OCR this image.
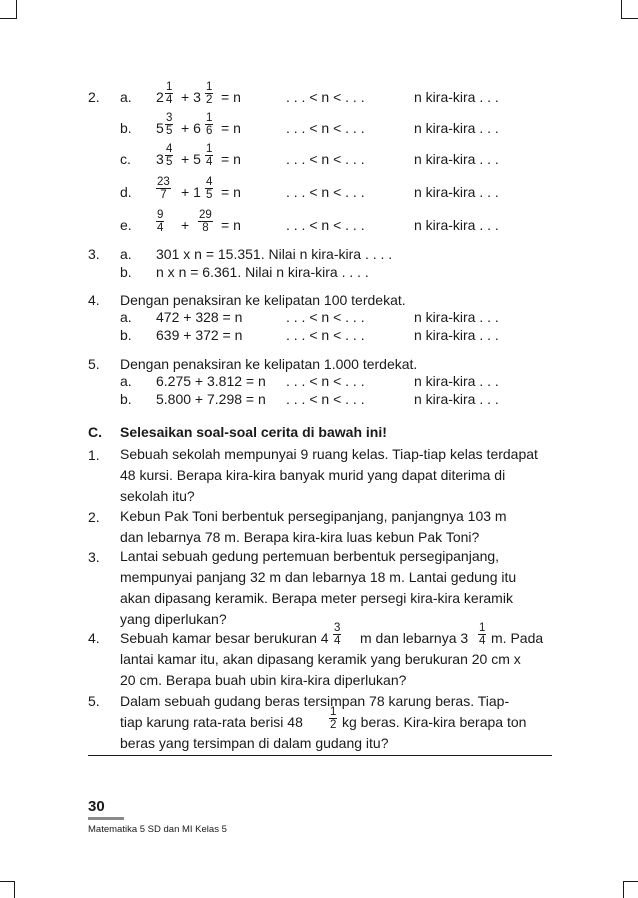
2. a. $2 \frac{1}{4} + 3 \frac{1}{2} = n$	. . . < n < . . .	n kira-kira . . .
b. $5 \frac{3}{5} + 6 \frac{1}{6} = n$	. . . < n < . . .	n kira-kira . . .
c. $3 \frac{4}{5} + 5 \frac{1}{4} = n$	. . . < n < . . .	n kira-kira . . .
d. $\frac{23}{7} + 1 \frac{4}{5} = n$	. . . < n < . . .	n kira-kira . . .
e. $\frac{9}{4} + \frac{29}{8} = n$	. . . < n < . . .	n kira-kira . . .
3. a. 301 x n = 15.351. Nilai n kira-kira . . . .
b. n x n = 6.361. Nilai n kira-kira . . . .
4. Dengan penaksiran ke kelipatan 100 terdekat.
a. 472 + 328 = n	. . . < n < . . .	n kira-kira . . .
b. 639 + 372 = n	. . . < n < . . .	n kira-kira . . .
5. Dengan penaksiran ke kelipatan 1.000 terdekat.
a. 6.275 + 3.812 = n . . . < n < . . .	n kira-kira . . .
b. 5.800 + 7.298 = n . . . < n < . . .	n kira-kira . . .
C. Selesaikan soal-soal cerita di bawah ini!
1. Sebuah sekolah mempunyai 9 ruang kelas. Tiap-tiap kelas terdapat
48 kursi. Berapa kira-kira banyak murid yang dapat diterima di
sekolah itu?
2. Kebun Pak Toni berbentuk persegipanjang, panjangnya 103 m
dan lebarnya 78 m. Berapa kira-kira luas kebun Pak Toni?
3. Lantai sebuah gedung pertemuan berbentuk persegipanjang,
mempunyai panjang 32 m dan lebarnya 18 m. Lantai gedung itu
akan dipasang keramik. Berapa meter persegi kira-kira keramik
yang diperlukan?
4. Sebuah kamar besar berukuran $4 \frac{3}{4}$ m dan lebarnya $3 \frac{1}{4} m$. Pada
lantai kamar itu, akan dipasang keramik yang berukuran 20 cm x
20 cm. Berapa buah ubin kira-kira diperlukan?
5. Dalam sebuah gudang beras tersimpan 78 karung beras. Tiap-
tiap karung rata-rata berisi $48 \frac{1}{2}$ kg beras. Kira-kira berapa ton
beras yang tersimpan di dalam gudang itu?
30
Matematika 5 SD dan MI Kelas 5
